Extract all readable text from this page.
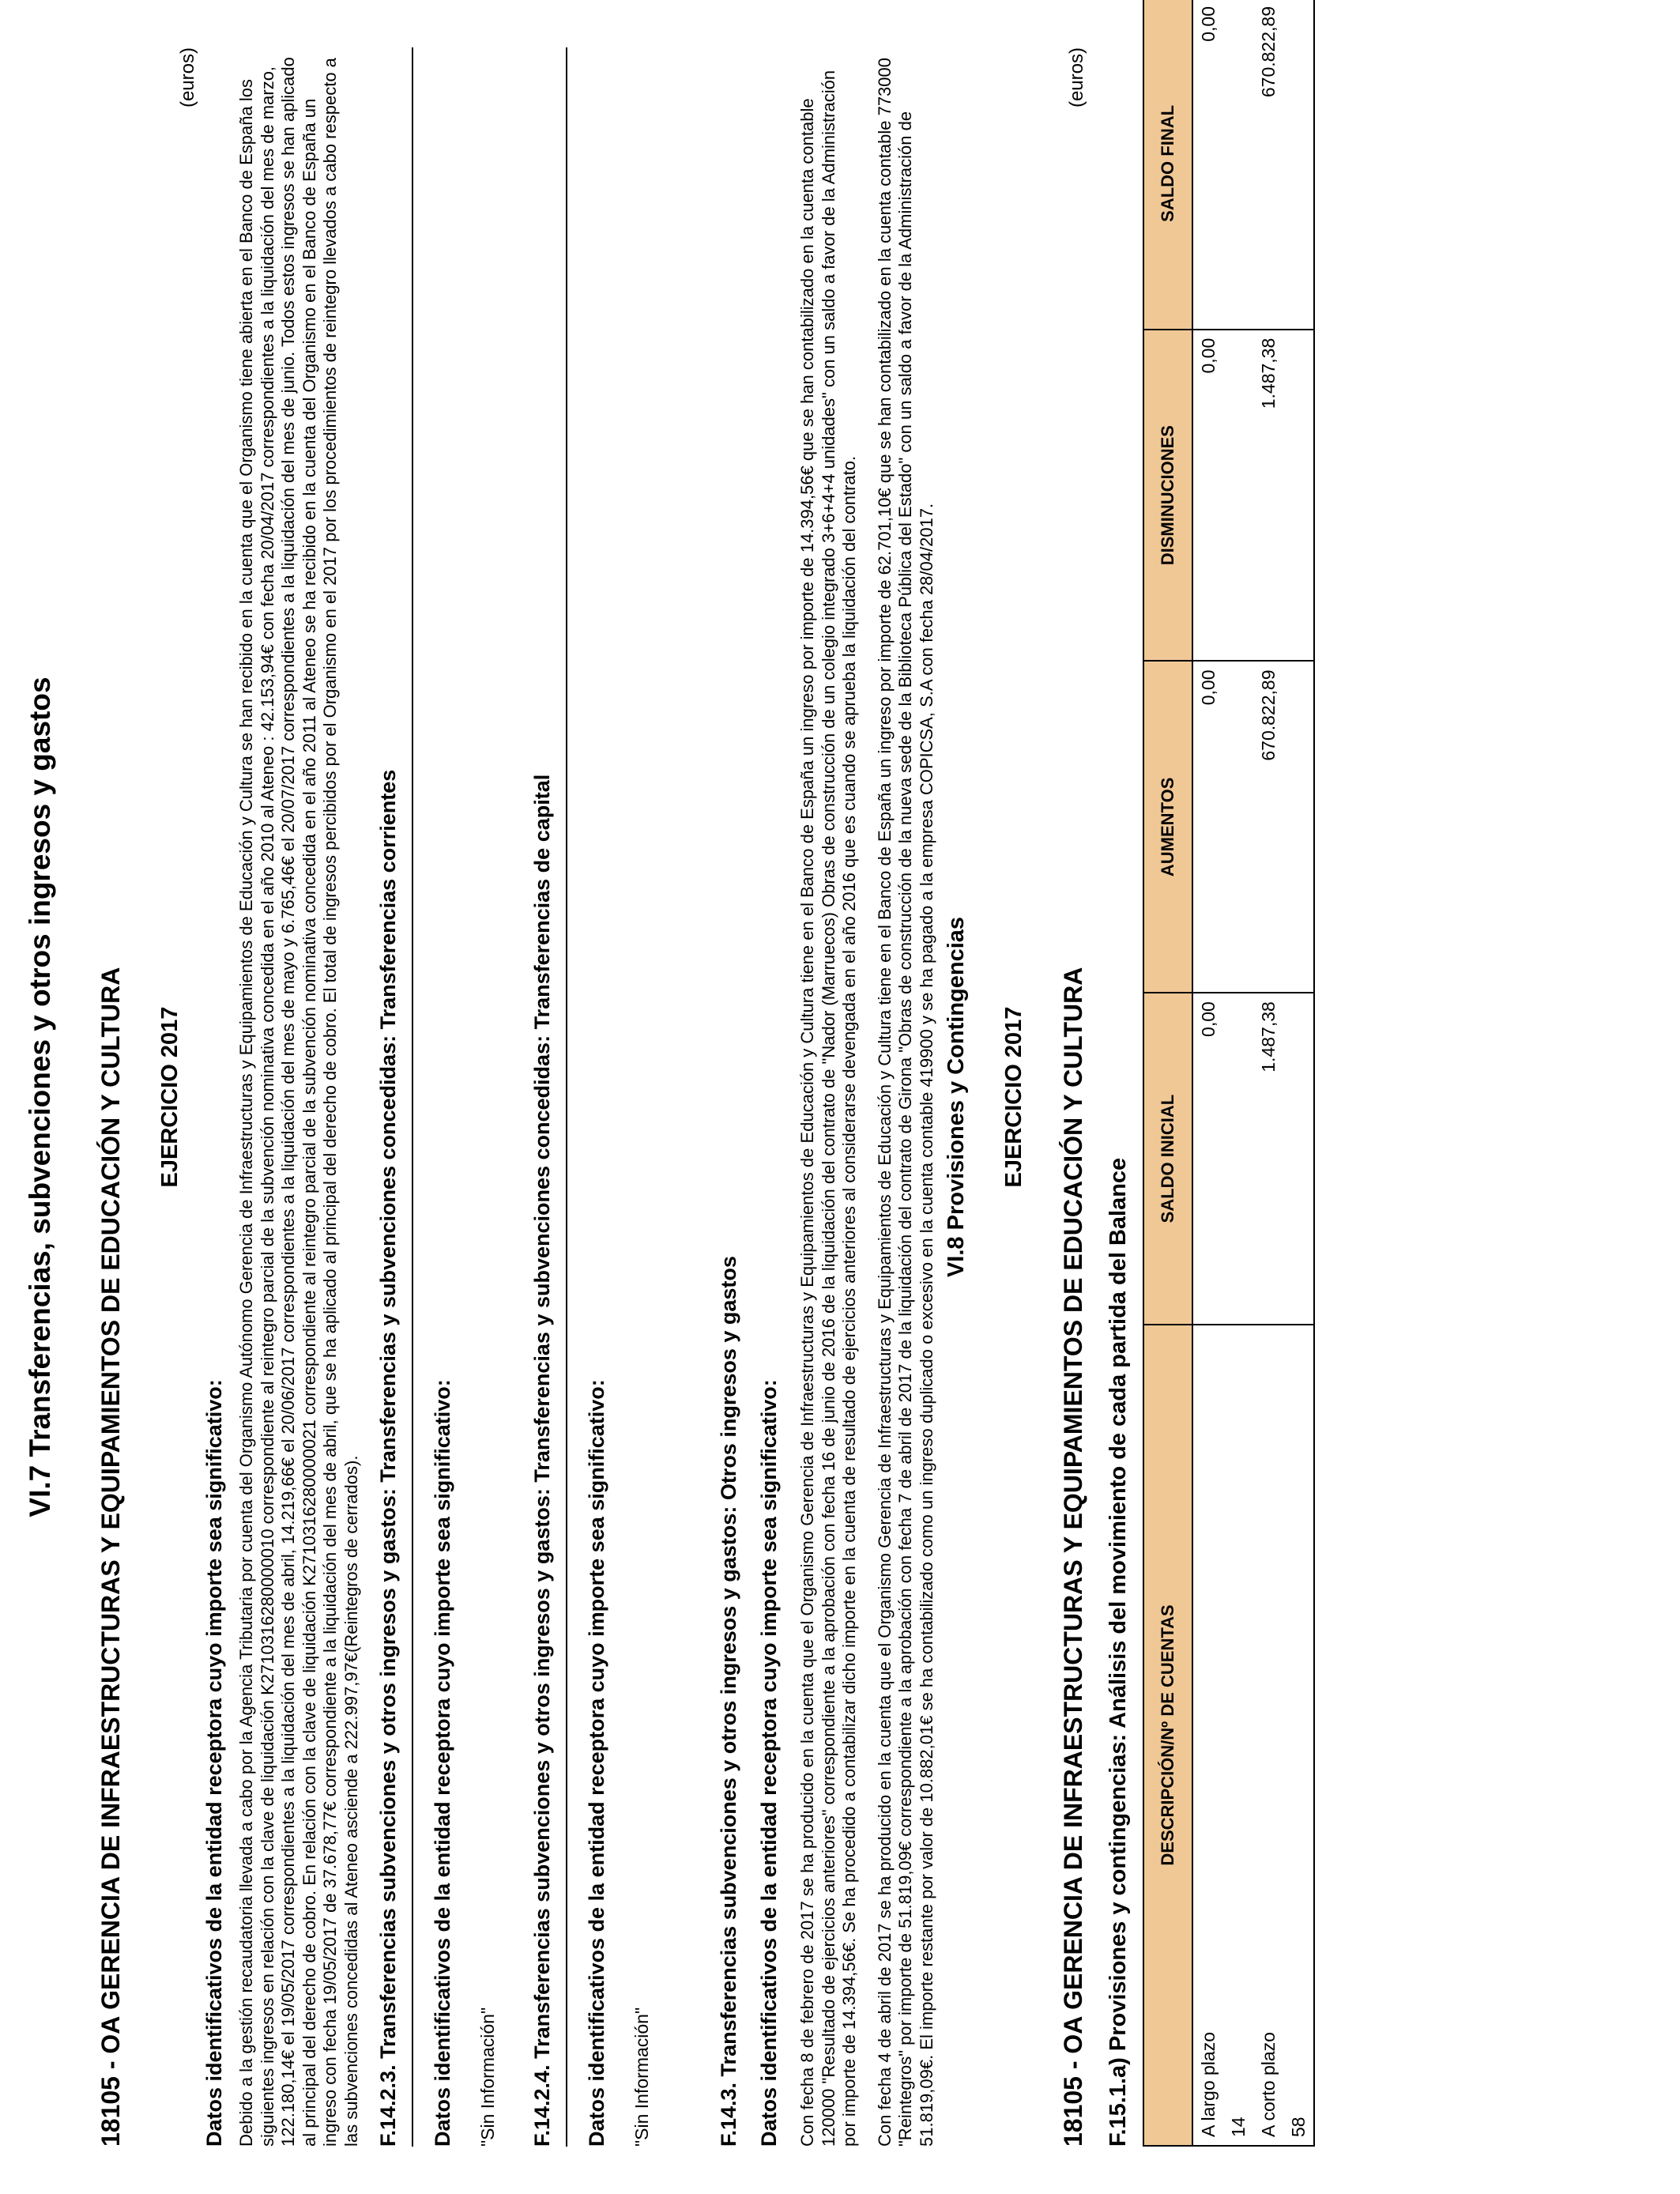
VI.7 Transferencias, subvenciones y otros ingresos y gastos 18105 - OA GERENCIA DE INFRAESTRUCTURAS Y EQUIPAMIENTOS DE EDUCACIÓN Y CULTURA EJERCICIO 2017
(euros)
Datos identificativos de la entidad receptora cuyo importe sea significativo: Debido a la gestión recaudatoria llevada a cabo por la Agencia Tributaria por cuenta del Organismo Autónomo Gerencia de Infraestructuras y Equipamientos de Educación y Cultura se han recibido en la cuenta que el Organismo tiene abierta en el Banco de España los siguientes ingresos en relación con la clave de liquidación K2710316280000010 correspondiente al reintegro parcial de la subvención nominativa concedida en el año 2010 al Ateneo : 42.153,94€ con fecha 20/04/2017 correspondientes a la liquidación del mes de marzo, 122.180,14€ el 19/05/2017 correspondientes a la liquidación del mes de abril, 14.219,66€ el 20/06/2017 correspondientes a la liquidación del mes de mayo y 6.765,46€ el 20/07/2017 correspondientes a la liquidación del mes de junio. Todos estos ingresos se han aplicado al principal del derecho de cobro. En relación con la clave de liquidación K2710316280000021 correspondiente al reintegro parcial de la subvención nominativa concedida en el año 2011 al Ateneo se ha recibido en la cuenta del Organismo en el Banco de España un ingreso con fecha 19/05/2017 de 37.678,77€ correspondiente a la liquidación del mes de abril, que se ha aplicado al principal del derecho de cobro. El total de ingresos percibidos por el Organismo en el 2017 por los procedimientos de reintegro llevados a cabo respecto a las subvenciones concedidas al Ateneo asciende a 222.997,97€(Reintegros de cerrados). F.14.2.3. Transferencias subvenciones y otros ingresos y gastos: Transferencias y subvenciones concedidas: Transferencias corrientes Datos identificativos de la entidad receptora cuyo importe sea significativo: "Sin Información" F.14.2.4. Transferencias subvenciones y otros ingresos y gastos: Transferencias y subvenciones concedidas: Transferencias de capital Datos identificativos de la entidad receptora cuyo importe sea significativo: "Sin Información"	F.14.3. Transferencias subvenciones y otros ingresos y gastos: Otros ingresos y gastos Datos identificativos de la entidad receptora cuyo importe sea significativo: Con fecha 8 de febrero de 2017 se ha producido en la cuenta que el Organismo Gerencia de Infraestructuras y Equipamientos de Educación y Cultura tiene en el Banco de España un ingreso por importe de 14.394,56€ que se han contabilizado en la cuenta contable 120000 "Resultado de ejercicios anteriores" correspondiente a la aprobación con fecha 16 de junio de 2016 de la liquidación del contrato de "Nador (Marruecos) Obras de construcción de un colegio integrado 3+6+4+4 unidades" con un saldo a favor de la Administración por importe de 14.394,56€. Se ha procedido a contabilizar dicho importe en la cuenta de resultado de ejercicios anteriores al considerarse devengada en el año 2016 que es cuando se aprueba la liquidación del contrato. Con fecha 4 de abril de 2017 se ha producido en la cuenta que el Organismo Gerencia de Infraestructuras y Equipamientos de Educación y Cultura tiene en el Banco de España un ingreso por importe de 62.701,10€ que se han contabilizado en la cuenta contable 773000 "Reintegros" por importe de 51.819,09€ correspondiente a la aprobación con fecha 7 de abril de 2017 de la liquidación del contrato de Girona "Obras de construcción de la nueva sede de la Biblioteca Pública del Estado" con un saldo a favor de la Administración de 51.819,09€. El importe restante por valor de 10.882,01€ se ha contabilizado como un ingreso duplicado o excesivo en la cuenta contable 419900 y se ha pagado a la empresa COPICSA, S.A con fecha 28/04/2017. VI.8 Provisiones y Contingencias EJERCICIO 2017 18105 - OA GERENCIA DE INFRAESTRUCTURAS Y EQUIPAMIENTOS DE EDUCACIÓN Y CULTURA
(euros)
F.15.1.a) Provisiones y contingencias: Análisis del movimiento de cada partida del Balance DESCRIPCIÓN/Nº DE CUENTAS	SALDO INICIAL	AUMENTOS	DISMINUCIONES	SALDO FINAL
A largo plazo	0,00	0,00	0,00	0,00
14				
A corto plazo	1.487,38	670.822,89	1.487,38	670.822,89
58				
